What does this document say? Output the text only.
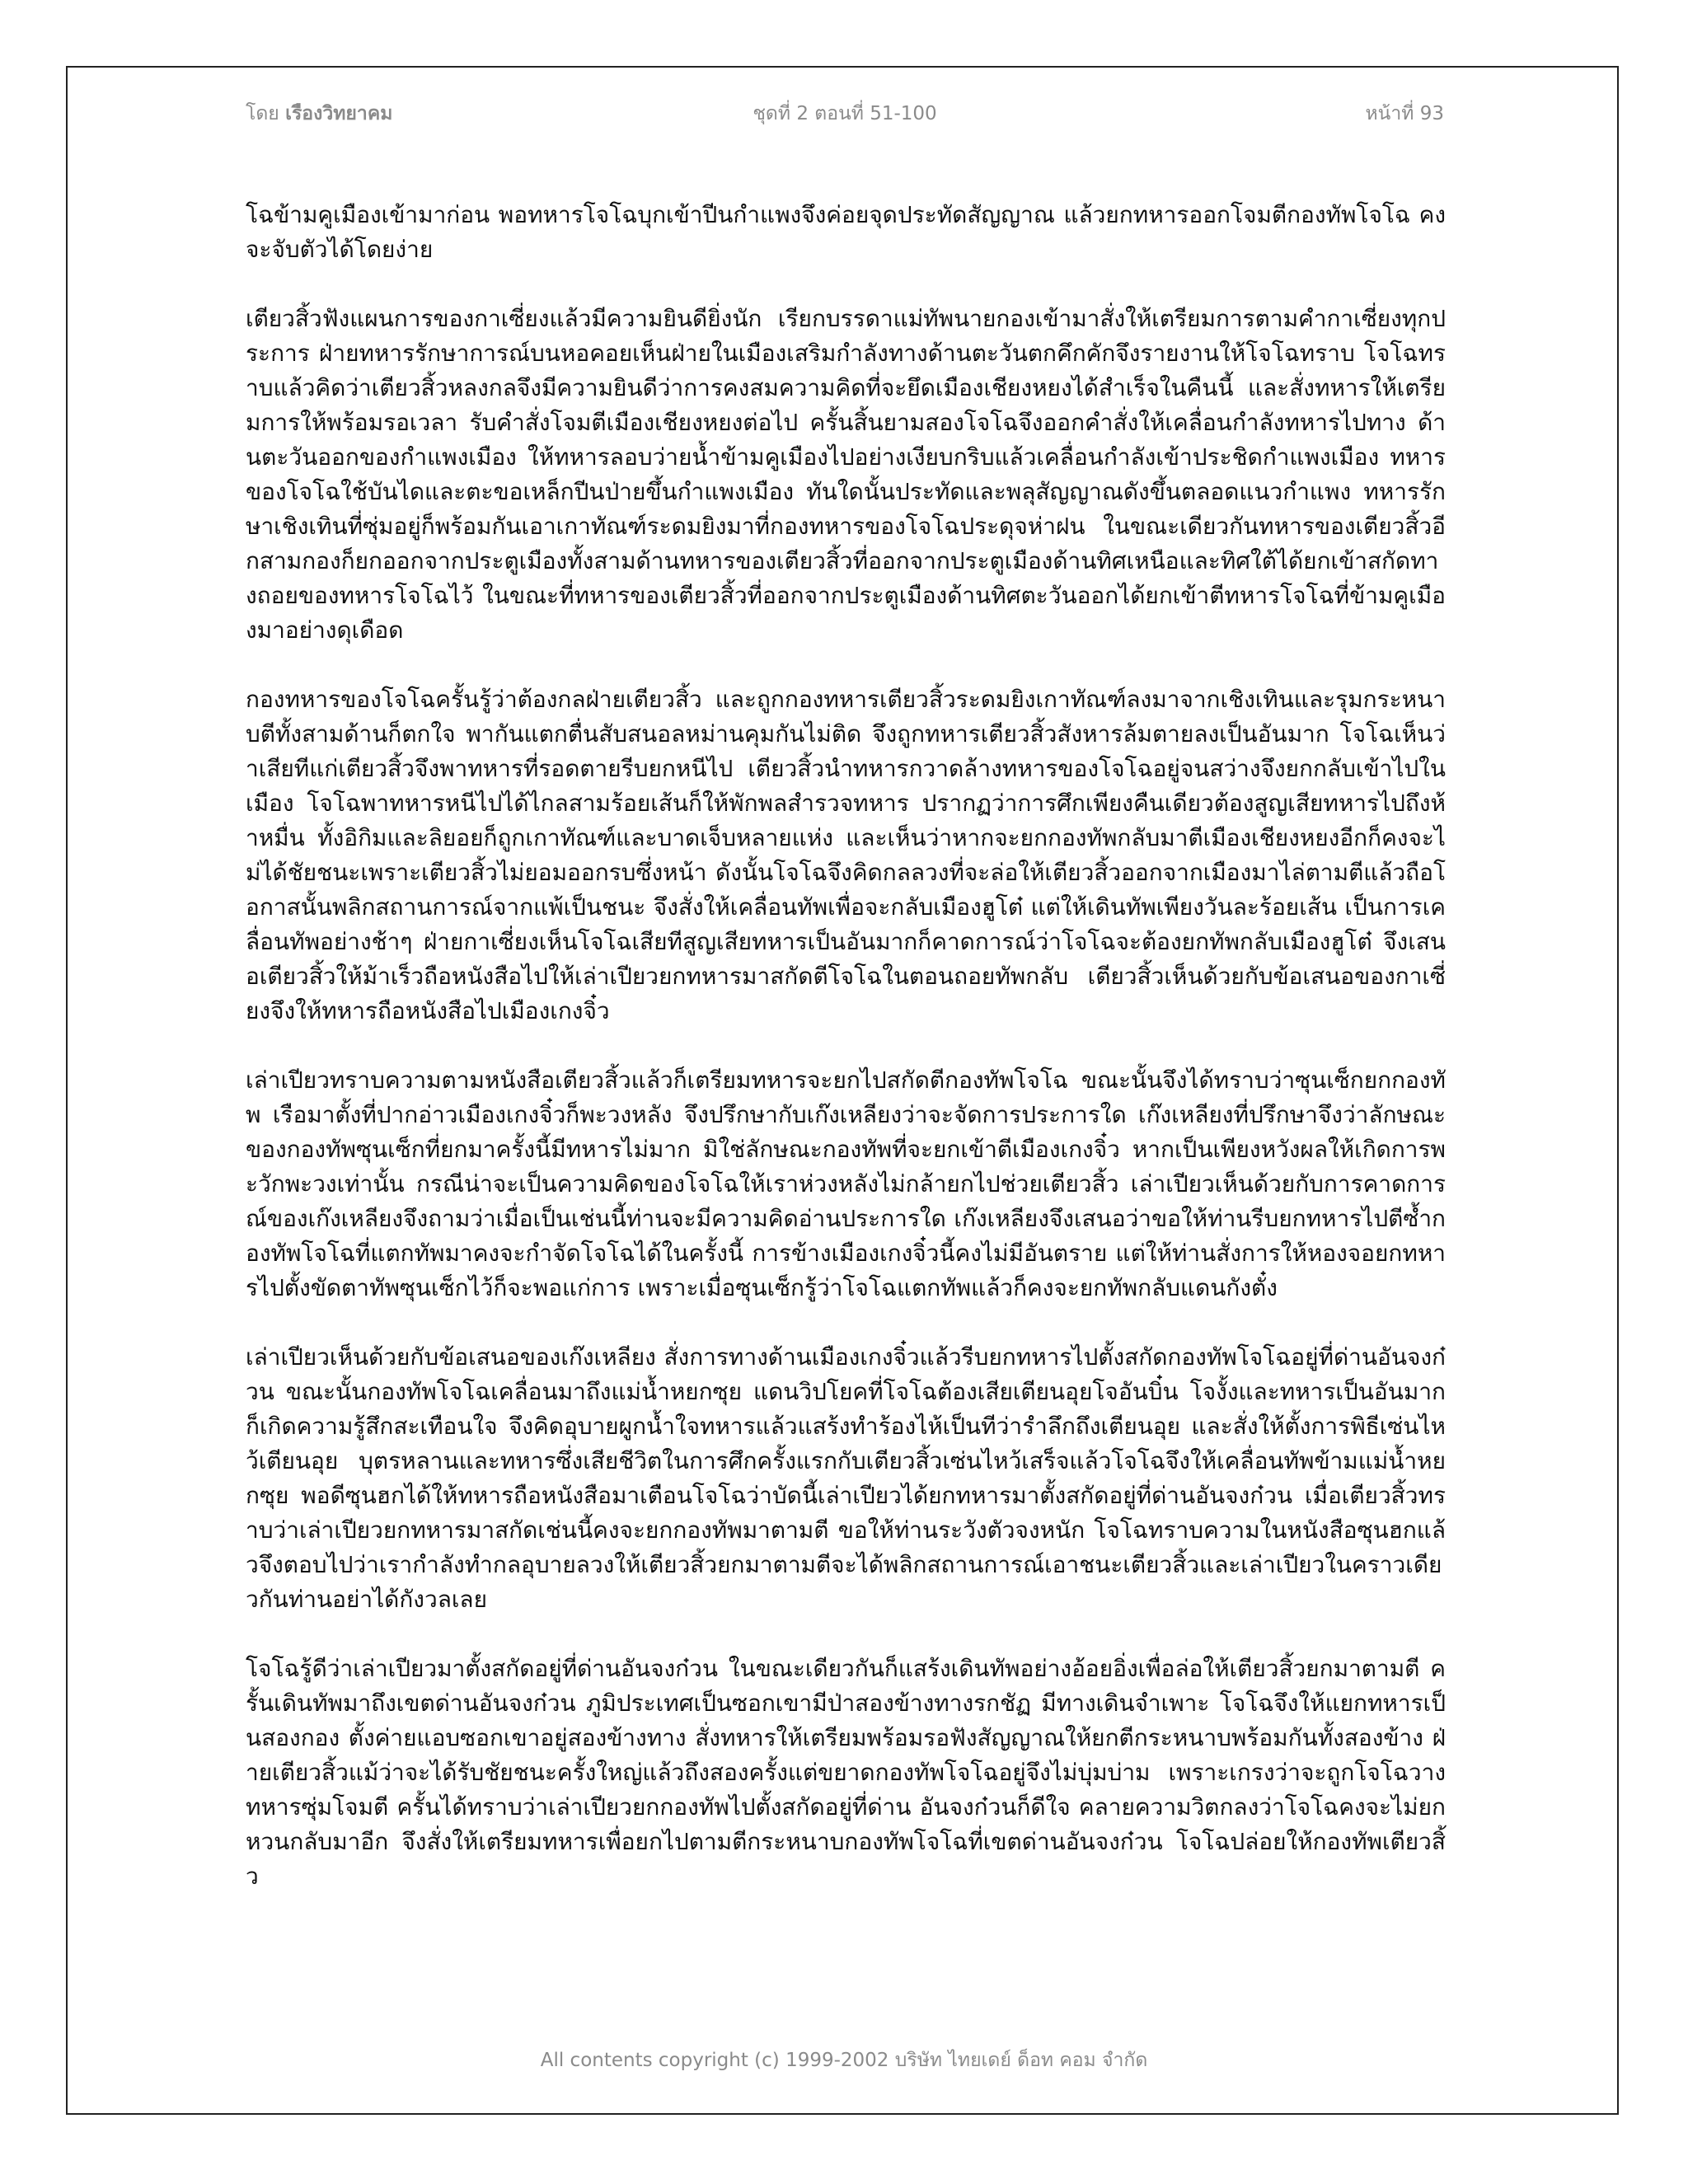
โดย เรืองวิทยาคม	ชุดที่ 2 ตอนที่ 51-100	หน้าที่ 93

โฉข้ามคูเมืองเข้ามาก่อน พอทหารโจโฉบุกเข้าปีนกำแพงจึงค่อยจุดประทัดสัญญาณ แล้วยกทหารออกโจมตีกองทัพโจโฉ คงจะจับตัวได้โดยง่าย

เตียวสิ้วฟังแผนการของกาเซี่ยงแล้วมีความยินดียิ่งนัก เรียกบรรดาแม่ทัพนายกองเข้ามาสั่งให้เตรียมการตามคำกาเซี่ยงทุกประการ ฝ่ายทหารรักษาการณ์บนหอคอยเห็นฝ่ายในเมืองเสริมกำลังทางด้านตะวันตกคึกคักจึงรายงานให้โจโฉทราบ โจโฉทราบแล้วคิดว่าเตียวสิ้วหลงกลจึงมีความยินดีว่าการคงสมความคิดที่จะยึดเมืองเชียงหยงได้สำเร็จในคืนนี้ และสั่งทหารให้เตรียมการให้พร้อมรอเวลา รับคำสั่งโจมตีเมืองเชียงหยงต่อไป ครั้นสิ้นยามสองโจโฉจึงออกคำสั่งให้เคลื่อนกำลังทหารไปทาง ด้านตะวันออกของกำแพงเมือง ให้ทหารลอบว่ายน้ำข้ามคูเมืองไปอย่างเงียบกริบแล้วเคลื่อนกำลังเข้าประชิดกำแพงเมือง ทหารของโจโฉใช้บันไดและตะขอเหล็กปีนป่ายขึ้นกำแพงเมือง ทันใดนั้นประทัดและพลุสัญญาณดังขึ้นตลอดแนวกำแพง ทหารรักษาเชิงเทินที่ซุ่มอยู่ก็พร้อมกันเอาเกาทัณฑ์ระดมยิงมาที่กองทหารของโจโฉประดุจห่าฝน ในขณะเดียวกันทหารของเตียวสิ้วอีกสามกองก็ยกออกจากประตูเมืองทั้งสามด้านทหารของเตียวสิ้วที่ออกจากประตูเมืองด้านทิศเหนือและทิศใต้ได้ยกเข้าสกัดทางถอยของทหารโจโฉไว้ ในขณะที่ทหารของเตียวสิ้วที่ออกจากประตูเมืองด้านทิศตะวันออกได้ยกเข้าตีทหารโจโฉที่ข้ามคูเมืองมาอย่างดุเดือด

กองทหารของโจโฉครั้นรู้ว่าต้องกลฝ่ายเตียวสิ้ว และถูกกองทหารเตียวสิ้วระดมยิงเกาทัณฑ์ลงมาจากเชิงเทินและรุมกระหนาบตีทั้งสามด้านก็ตกใจ พากันแตกตื่นสับสนอลหม่านคุมกันไม่ติด จึงถูกทหารเตียวสิ้วสังหารล้มตายลงเป็นอันมาก โจโฉเห็นว่าเสียทีแก่เตียวสิ้วจึงพาทหารที่รอดตายรีบยกหนีไป เตียวสิ้วนำทหารกวาดล้างทหารของโจโฉอยู่จนสว่างจึงยกกลับเข้าไปในเมือง โจโฉพาทหารหนีไปได้ไกลสามร้อยเส้นก็ให้พักพลสำรวจทหาร ปรากฏว่าการศึกเพียงคืนเดียวต้องสูญเสียทหารไปถึงห้าหมื่น ทั้งอิกิมและลิยอยก็ถูกเกาทัณฑ์และบาดเจ็บหลายแห่ง และเห็นว่าหากจะยกกองทัพกลับมาตีเมืองเชียงหยงอีกก็คงจะไม่ได้ชัยชนะเพราะเตียวสิ้วไม่ยอมออกรบซึ่งหน้า ดังนั้นโจโฉจึงคิดกลลวงที่จะล่อให้เตียวสิ้วออกจากเมืองมาไล่ตามตีแล้วถือโอกาสนั้นพลิกสถานการณ์จากแพ้เป็นชนะ จึงสั่งให้เคลื่อนทัพเพื่อจะกลับเมืองฮูโต๋ แต่ให้เดินทัพเพียงวันละร้อยเส้น เป็นการเคลื่อนทัพอย่างช้าๆ ฝ่ายกาเซี่ยงเห็นโจโฉเสียทีสูญเสียทหารเป็นอันมากก็คาดการณ์ว่าโจโฉจะต้องยกทัพกลับเมืองฮูโต๋ จึงเสนอเตียวสิ้วให้ม้าเร็วถือหนังสือไปให้เล่าเปียวยกทหารมาสกัดตีโจโฉในตอนถอยทัพกลับ เตียวสิ้วเห็นด้วยกับข้อเสนอของกาเซี่ยงจึงให้ทหารถือหนังสือไปเมืองเกงจิ๋ว

เล่าเปียวทราบความตามหนังสือเตียวสิ้วแล้วก็เตรียมทหารจะยกไปสกัดตีกองทัพโจโฉ ขณะนั้นจึงได้ทราบว่าซุนเซ็กยกกองทัพ เรือมาตั้งที่ปากอ่าวเมืองเกงจิ๋วก็พะวงหลัง จึงปรึกษากับเก๊งเหลียงว่าจะจัดการประการใด เก๊งเหลียงที่ปรึกษาจึงว่าลักษณะของกองทัพซุนเซ็กที่ยกมาครั้งนี้มีทหารไม่มาก มิใช่ลักษณะกองทัพที่จะยกเข้าตีเมืองเกงจิ๋ว หากเป็นเพียงหวังผลให้เกิดการพะวักพะวงเท่านั้น กรณีน่าจะเป็นความคิดของโจโฉให้เราห่วงหลังไม่กล้ายกไปช่วยเตียวสิ้ว เล่าเปียวเห็นด้วยกับการคาดการณ์ของเก๊งเหลียงจึงถามว่าเมื่อเป็นเช่นนี้ท่านจะมีความคิดอ่านประการใด เก๊งเหลียงจึงเสนอว่าขอให้ท่านรีบยกทหารไปตีซ้ำกองทัพโจโฉที่แตกทัพมาคงจะกำจัดโจโฉได้ในครั้งนี้ การข้างเมืองเกงจิ๋วนี้คงไม่มีอันตราย แต่ให้ท่านสั่งการให้หองจอยกทหารไปตั้งขัดตาทัพซุนเซ็กไว้ก็จะพอแก่การ เพราะเมื่อซุนเซ็กรู้ว่าโจโฉแตกทัพแล้วก็คงจะยกทัพกลับแดนกังตั๋ง

เล่าเปียวเห็นด้วยกับข้อเสนอของเก๊งเหลียง สั่งการทางด้านเมืองเกงจิ๋วแล้วรีบยกทหารไปตั้งสกัดกองทัพโจโฉอยู่ที่ด่านอันจงก๋วน ขณะนั้นกองทัพโจโฉเคลื่อนมาถึงแม่น้ำหยกซุย แดนวิปโยคที่โจโฉต้องเสียเตียนอุยโจอันบิ๋น โจงั้งและทหารเป็นอันมากก็เกิดความรู้สึกสะเทือนใจ จึงคิดอุบายผูกน้ำใจทหารแล้วแสร้งทำร้องไห้เป็นทีว่ารำลึกถึงเตียนอุย และสั่งให้ตั้งการพิธีเซ่นไหว้เตียนอุย บุตรหลานและทหารซึ่งเสียชีวิตในการศึกครั้งแรกกับเตียวสิ้วเซ่นไหว้เสร็จแล้วโจโฉจึงให้เคลื่อนทัพข้ามแม่น้ำหยกซุย พอดีซุนฮกได้ให้ทหารถือหนังสือมาเตือนโจโฉว่าบัดนี้เล่าเปียวได้ยกทหารมาตั้งสกัดอยู่ที่ด่านอันจงก๋วน เมื่อเตียวสิ้วทราบว่าเล่าเปียวยกทหารมาสกัดเช่นนี้คงจะยกกองทัพมาตามตี ขอให้ท่านระวังตัวจงหนัก โจโฉทราบความในหนังสือซุนฮกแล้วจึงตอบไปว่าเรากำลังทำกลอุบายลวงให้เตียวสิ้วยกมาตามตีจะได้พลิกสถานการณ์เอาชนะเตียวสิ้วและเล่าเปียวในคราวเดียวกันท่านอย่าได้กังวลเลย

โจโฉรู้ดีว่าเล่าเปียวมาตั้งสกัดอยู่ที่ด่านอันจงก๋วน ในขณะเดียวกันก็แสร้งเดินทัพอย่างอ้อยอิ่งเพื่อล่อให้เตียวสิ้วยกมาตามตี ครั้นเดินทัพมาถึงเขตด่านอันจงก๋วน ภูมิประเทศเป็นซอกเขามีป่าสองข้างทางรกชัฏ มีทางเดินจำเพาะ โจโฉจึงให้แยกทหารเป็นสองกอง ตั้งค่ายแอบซอกเขาอยู่สองข้างทาง สั่งทหารให้เตรียมพร้อมรอฟังสัญญาณให้ยกตีกระหนาบพร้อมกันทั้งสองข้าง ฝ่ายเตียวสิ้วแม้ว่าจะได้รับชัยชนะครั้งใหญ่แล้วถึงสองครั้งแต่ขยาดกองทัพโจโฉอยู่จึงไม่บุ่มบ่าม เพราะเกรงว่าจะถูกโจโฉวางทหารซุ่มโจมตี ครั้นได้ทราบว่าเล่าเปียวยกกองทัพไปตั้งสกัดอยู่ที่ด่าน อันจงก๋วนก็ดีใจ คลายความวิตกลงว่าโจโฉคงจะไม่ยกหวนกลับมาอีก จึงสั่งให้เตรียมทหารเพื่อยกไปตามตีกระหนาบกองทัพโจโฉที่เขตด่านอันจงก๋วน โจโฉปล่อยให้กองทัพเตียวสิ้ว

All contents copyright (c) 1999-2002 บริษัท ไทยเดย์ ด็อท คอม จำกัด
